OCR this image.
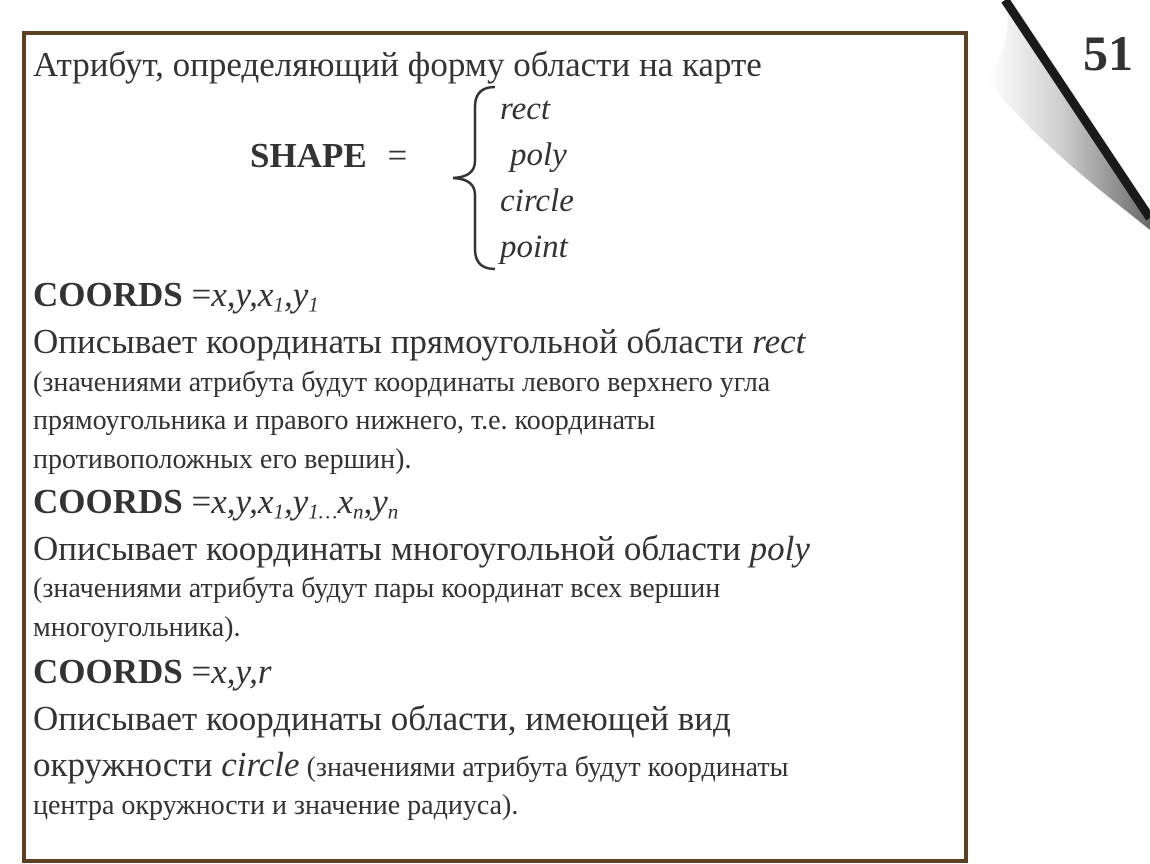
51
Атрибут, определяющий форму области на карте
SHAPE =
rect
poly
circle
point
COORDS $=x,y,x_1,y_1$
Описывает координаты прямоугольной области rect
(значениями атрибута будут координаты левого верхнего угла
прямоугольника и правого нижнего, т.е. координаты
противоположных его вершин).
COORDS $=x,y,x_1,y_{1\dots}x_n,y_n$
Описывает координаты многоугольной области poly
(значениями атрибута будут пары координат всех вершин
многоугольника).
COORDS =x,y,r
Описывает координаты области, имеющей вид
окружности circle (значениями атрибута будут координаты
центра окружности и значение радиуса).
